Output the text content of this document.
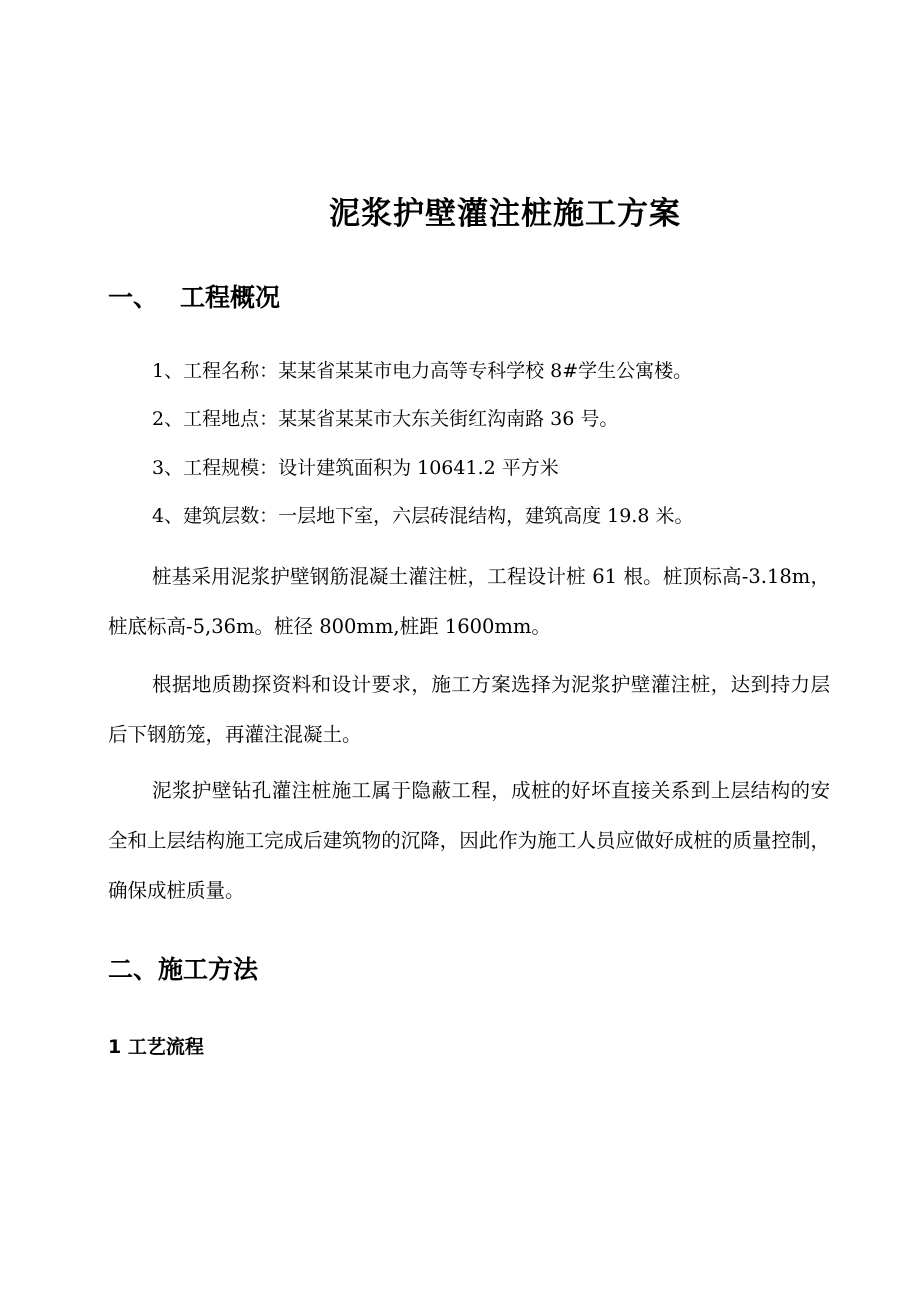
泥浆护壁灌注桩施工方案
一、 工程概况
1、工程名称：某某省某某市电力高等专科学校 8#学生公寓楼。
2、工程地点：某某省某某市大东关街红沟南路 36 号。
3、工程规模：设计建筑面积为 10641.2 平方米
4、建筑层数：一层地下室，六层砖混结构，建筑高度 19.8 米。
桩基采用泥浆护壁钢筋混凝土灌注桩，工程设计桩 61 根。桩顶标高-3.18m，桩底标高-5,36m。桩径 800mm,桩距 1600mm。
根据地质勘探资料和设计要求，施工方案选择为泥浆护壁灌注桩，达到持力层后下钢筋笼，再灌注混凝土。
泥浆护壁钻孔灌注桩施工属于隐蔽工程，成桩的好坏直接关系到上层结构的安全和上层结构施工完成后建筑物的沉降，因此作为施工人员应做好成桩的质量控制，确保成桩质量。
二、施工方法
1 工艺流程
